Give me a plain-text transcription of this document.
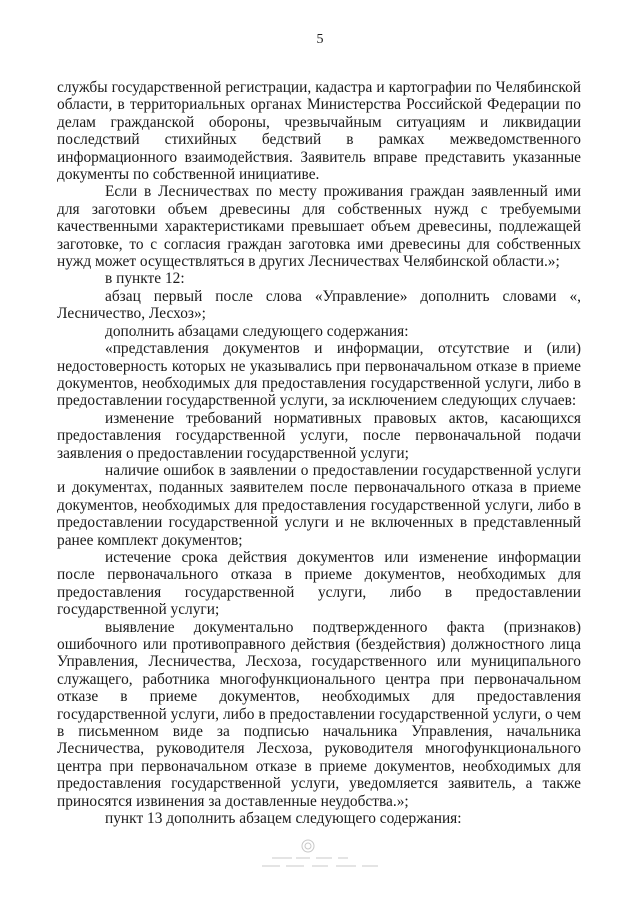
5

службы государственной регистрации, кадастра и картографии по Челябинской области, в территориальных органах Министерства Российской Федерации по делам гражданской обороны, чрезвычайным ситуациям и ликвидации последствий стихийных бедствий в рамках межведомственного информационного взаимодействия. Заявитель вправе представить указанные документы по собственной инициативе.

Если в Лесничествах по месту проживания граждан заявленный ими для заготовки объем древесины для собственных нужд с требуемыми качественными характеристиками превышает объем древесины, подлежащей заготовке, то с согласия граждан заготовка ими древесины для собственных нужд может осуществляться в других Лесничествах Челябинской области.»;

в пункте 12:

абзац первый после слова «Управление» дополнить словами «, Лесничество, Лесхоз»;

дополнить абзацами следующего содержания:

«представления документов и информации, отсутствие и (или) недостоверность которых не указывались при первоначальном отказе в приеме документов, необходимых для предоставления государственной услуги, либо в предоставлении государственной услуги, за исключением следующих случаев:

изменение требований нормативных правовых актов, касающихся предоставления государственной услуги, после первоначальной подачи заявления о предоставлении государственной услуги;

наличие ошибок в заявлении о предоставлении государственной услуги и документах, поданных заявителем после первоначального отказа в приеме документов, необходимых для предоставления государственной услуги, либо в предоставлении государственной услуги и не включенных в представленный ранее комплект документов;

истечение срока действия документов или изменение информации после первоначального отказа в приеме документов, необходимых для предоставления государственной услуги, либо в предоставлении государственной услуги;

выявление документально подтвержденного факта (признаков) ошибочного или противоправного действия (бездействия) должностного лица Управления, Лесничества, Лесхоза, государственного или муниципального служащего, работника многофункционального центра при первоначальном отказе в приеме документов, необходимых для предоставления государственной услуги, либо в предоставлении государственной услуги, о чем в письменном виде за подписью начальника Управления, начальника Лесничества, руководителя Лесхоза, руководителя многофункционального центра при первоначальном отказе в приеме документов, необходимых для предоставления государственной услуги, уведомляется заявитель, а также приносятся извинения за доставленные неудобства.»;

пункт 13 дополнить абзацем следующего содержания:
